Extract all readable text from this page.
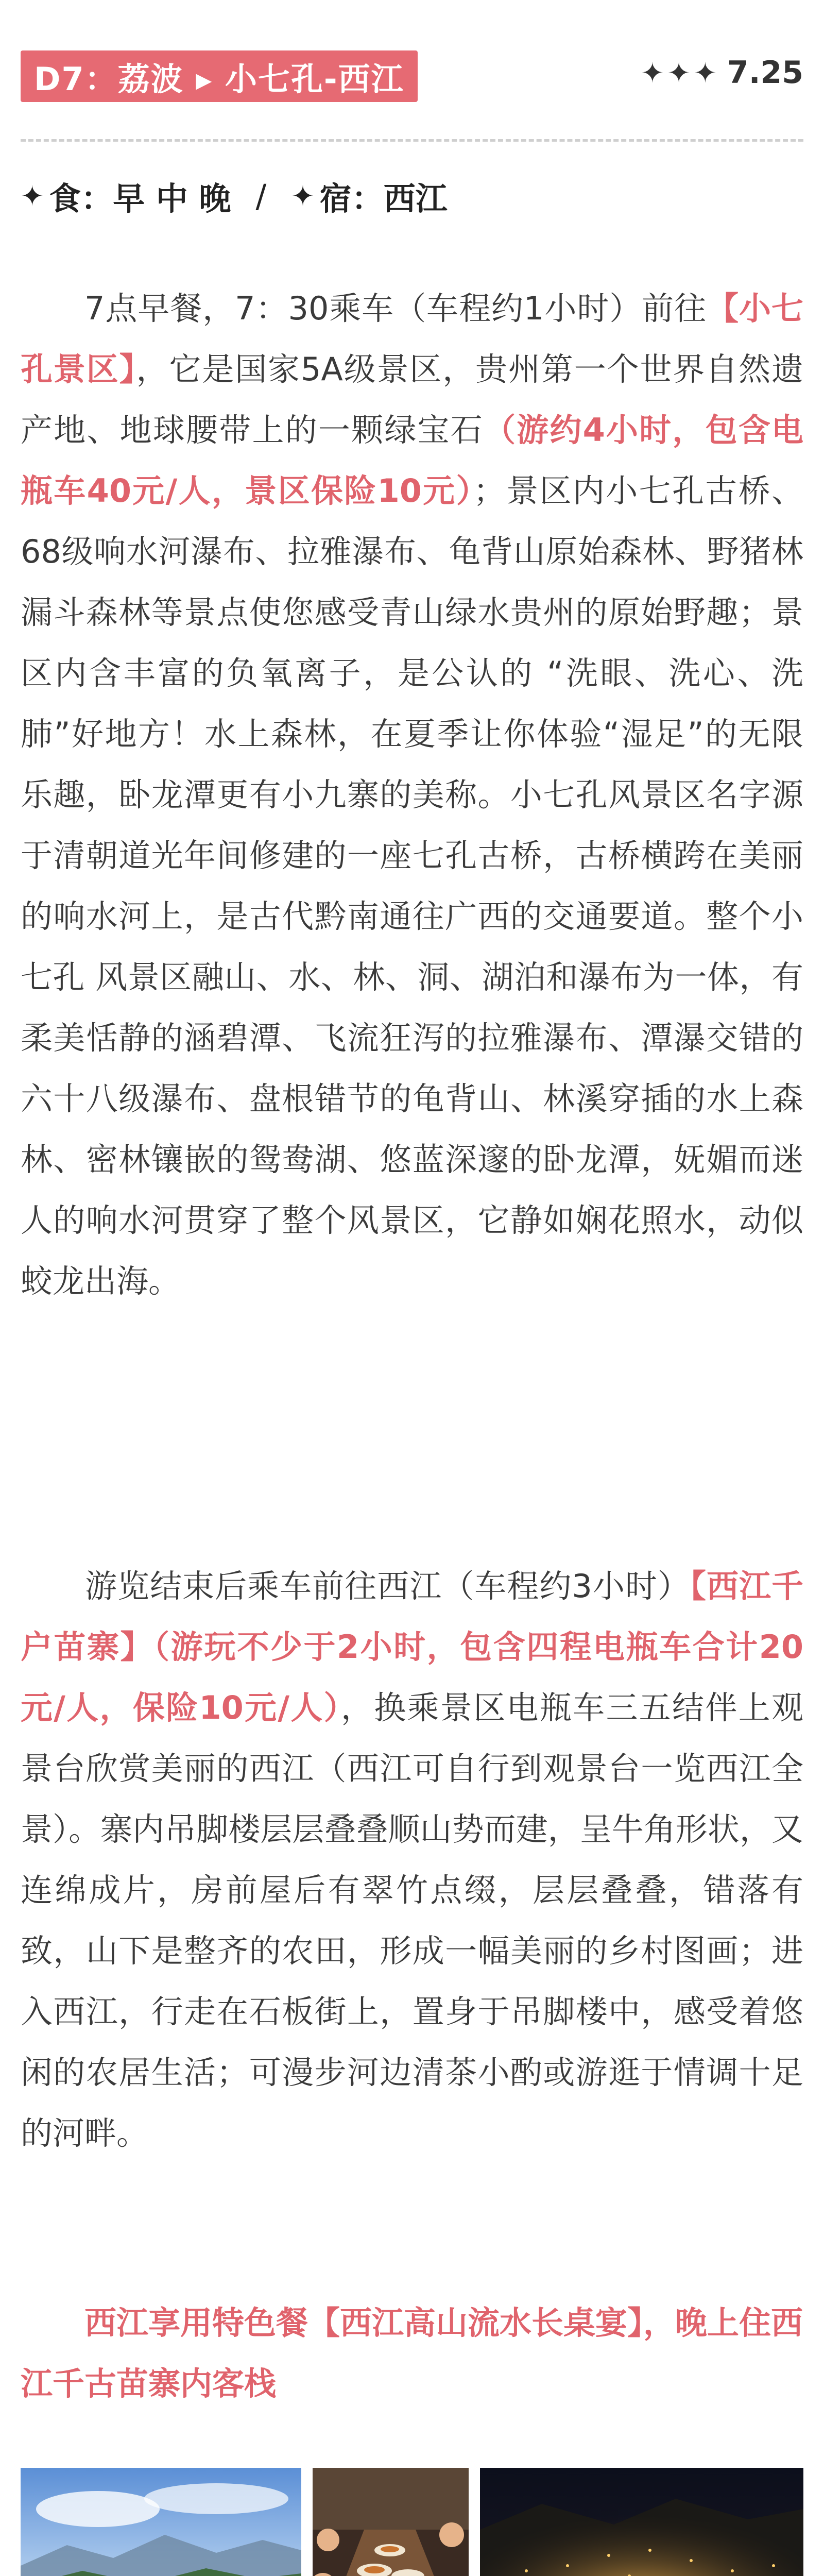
D7：荔波 ▸ 小七孔-西江	✦✦✦ 7.25
✦ 食：早 中 晚 / ✦ 宿：西江

7点早餐，7：30乘车（车程约1小时）前往【小七孔景区】，它是国家5A级景区，贵州第一个世界自然遗产地、地球腰带上的一颗绿宝石（游约4小时，包含电瓶车40元/人，景区保险10元）；景区内小七孔古桥、68级响水河瀑布、拉雅瀑布、龟背山原始森林、野猪林漏斗森林等景点使您感受青山绿水贵州的原始野趣；景区内含丰富的负氧离子，是公认的 “洗眼、洗心、洗肺”好地方！水上森林，在夏季让你体验“湿足”的无限乐趣，卧龙潭更有小九寨的美称。小七孔风景区名字源于清朝道光年间修建的一座七孔古桥，古桥横跨在美丽的响水河上，是古代黔南通往广西的交通要道。整个小七孔 风景区融山、水、林、洞、湖泊和瀑布为一体，有柔美恬静的涵碧潭、飞流狂泻的拉雅瀑布、潭瀑交错的六十八级瀑布、盘根错节的龟背山、林溪穿插的水上森林、密林镶嵌的鸳鸯湖、悠蓝深邃的卧龙潭，妩媚而迷人的响水河贯穿了整个风景区，它静如娴花照水，动似蛟龙出海。

游览结束后乘车前往西江（车程约3小时）【西江千户苗寨】（游玩不少于2小时，包含四程电瓶车合计20元/人，保险10元/人），换乘景区电瓶车三五结伴上观景台欣赏美丽的西江（西江可自行到观景台一览西江全景）。寨内吊脚楼层层叠叠顺山势而建，呈牛角形状，又连绵成片，房前屋后有翠竹点缀，层层叠叠，错落有致，山下是整齐的农田，形成一幅美丽的乡村图画；进入西江，行走在石板街上，置身于吊脚楼中，感受着悠闲的农居生活；可漫步河边清茶小酌或游逛于情调十足的河畔。

西江享用特色餐【西江高山流水长桌宴】，晚上住西江千古苗寨内客栈
